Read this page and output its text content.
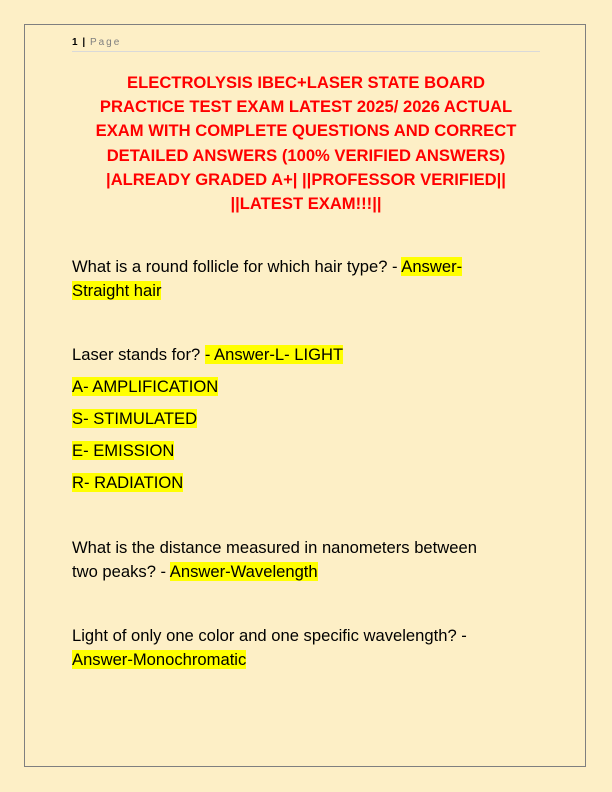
1 | Page
ELECTROLYSIS IBEC+LASER STATE BOARD
PRACTICE TEST EXAM LATEST 2025/ 2026 ACTUAL
EXAM WITH COMPLETE QUESTIONS AND CORRECT
DETAILED ANSWERS (100% VERIFIED ANSWERS)
|ALREADY GRADED A+| ||PROFESSOR VERIFIED||
||LATEST EXAM!!!||
What is a round follicle for which hair type? - Answer-
Straight hair
Laser stands for? - Answer-L- LIGHT
A- AMPLIFICATION
S- STIMULATED
E- EMISSION
R- RADIATION
What is the distance measured in nanometers between
two peaks? - Answer-Wavelength
Light of only one color and one specific wavelength? -
Answer-Monochromatic
